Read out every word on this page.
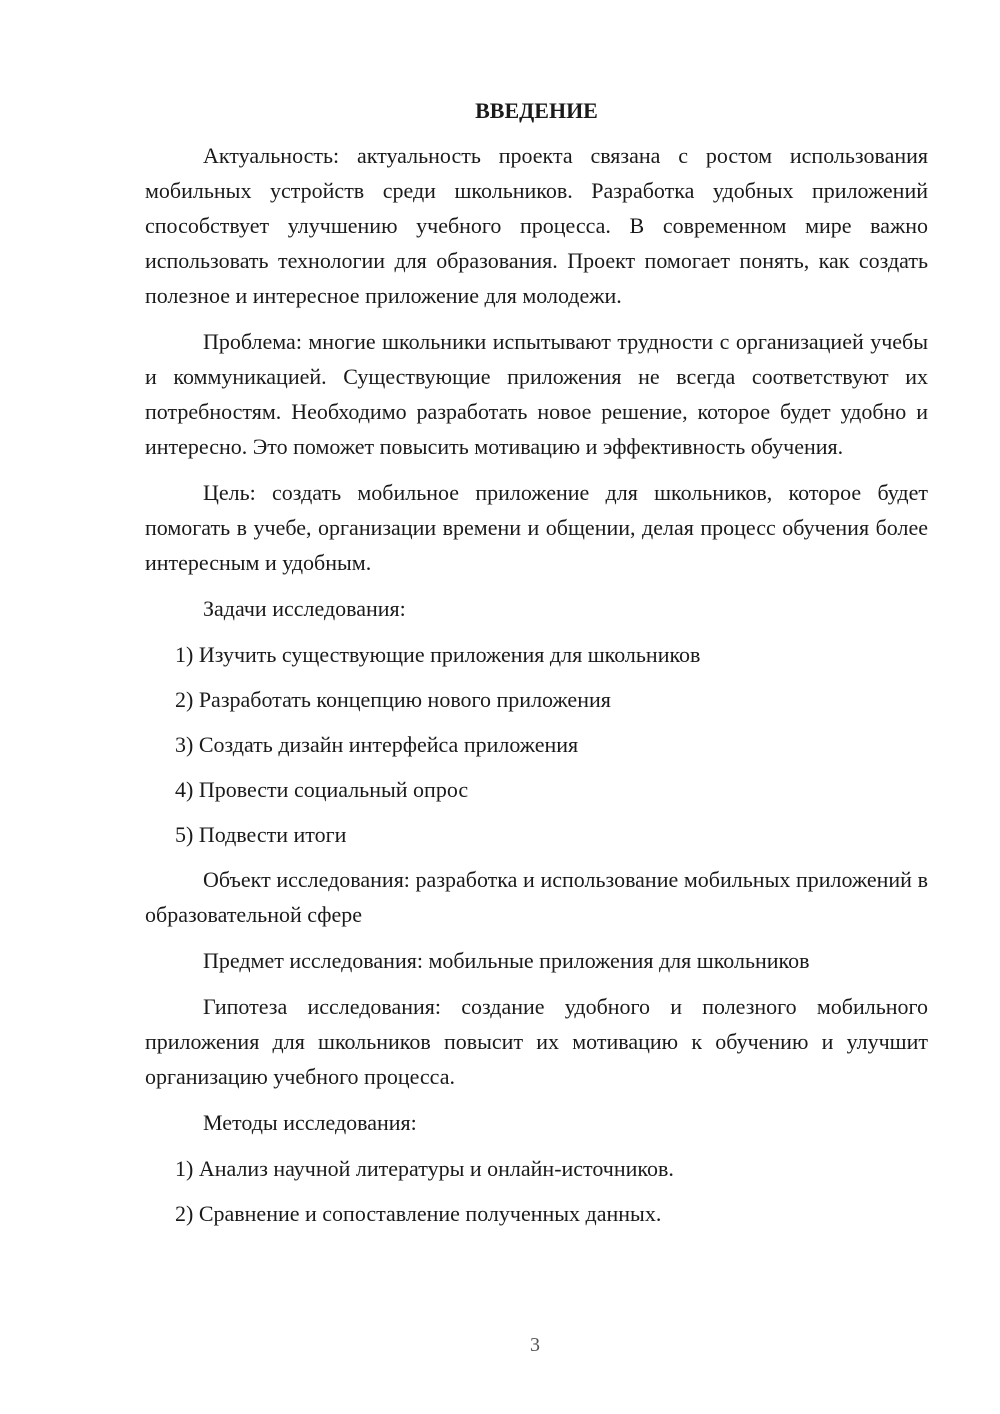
ВВЕДЕНИЕ

Актуальность: актуальность проекта связана с ростом использования мобильных устройств среди школьников. Разработка удобных приложений способствует улучшению учебного процесса. В современном мире важно использовать технологии для образования. Проект помогает понять, как создать полезное и интересное приложение для молодежи.

Проблема: многие школьники испытывают трудности с организацией учебы и коммуникацией. Существующие приложения не всегда соответствуют их потребностям. Необходимо разработать новое решение, которое будет удобно и интересно. Это поможет повысить мотивацию и эффективность обучения.

Цель: создать мобильное приложение для школьников, которое будет помогать в учебе, организации времени и общении, делая процесс обучения более интересным и удобным.

Задачи исследования:

1) Изучить существующие приложения для школьников
2) Разработать концепцию нового приложения
3) Создать дизайн интерфейса приложения
4) Провести социальный опрос
5) Подвести итоги

Объект исследования: разработка и использование мобильных приложений в образовательной сфере

Предмет исследования: мобильные приложения для школьников

Гипотеза исследования: создание удобного и полезного мобильного приложения для школьников повысит их мотивацию к обучению и улучшит организацию учебного процесса.

Методы исследования:

1) Анализ научной литературы и онлайн-источников.
2) Сравнение и сопоставление полученных данных.
3
